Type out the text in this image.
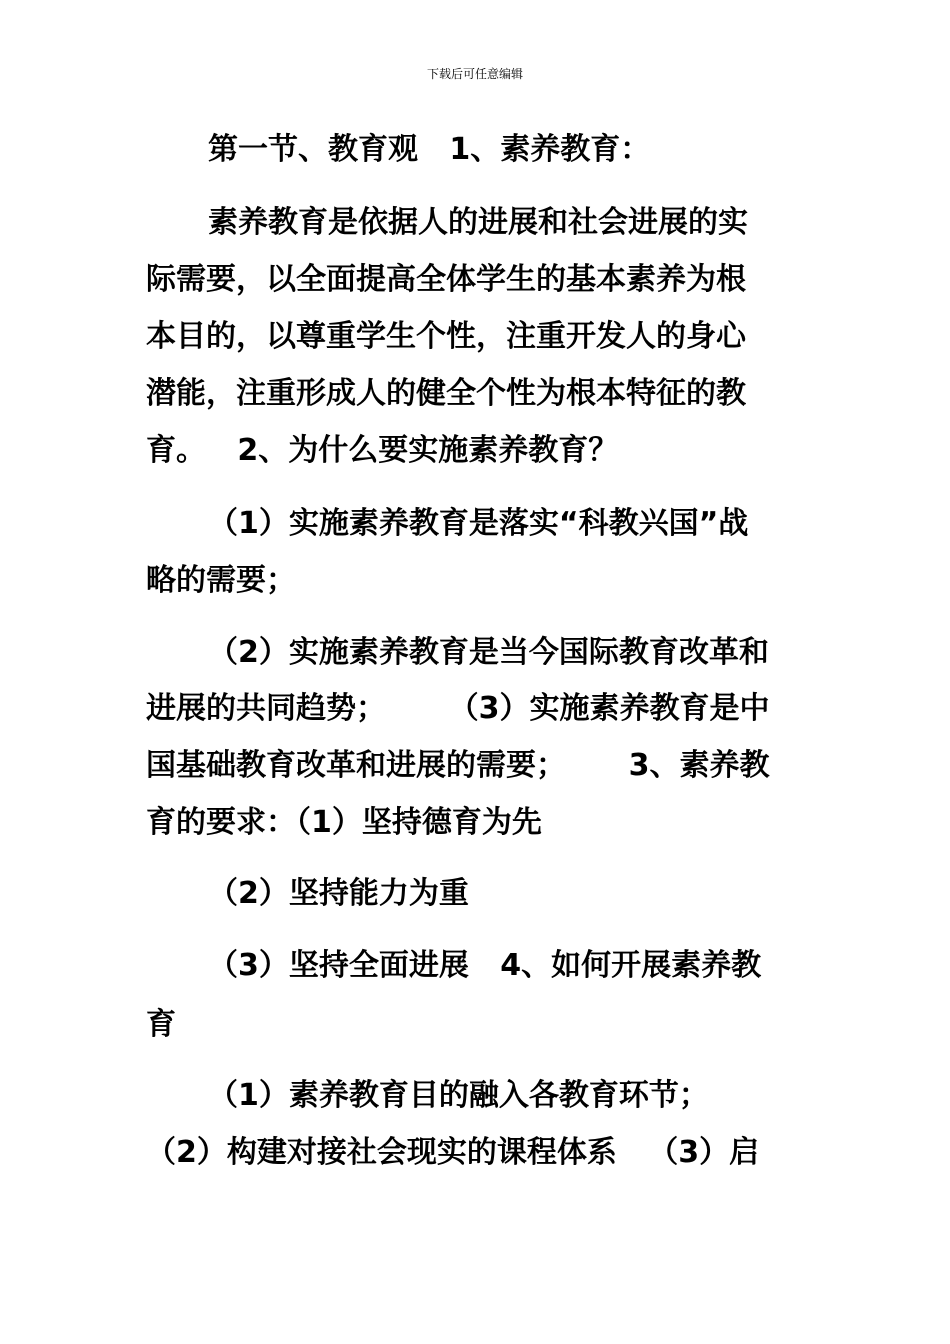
下载后可任意编辑
第一节、教育观   1、素养教育：
素养教育是依据人的进展和社会进展的实
际需要，以全面提高全体学生的基本素养为根
本目的，以尊重学生个性，注重开发人的身心
潜能，注重形成人的健全个性为根本特征的教
育。   2、为什么要实施素养教育？
（1）实施素养教育是落实“科教兴国”战
略的需要；
（2）实施素养教育是当今国际教育改革和
进展的共同趋势；      （3）实施素养教育是中
国基础教育改革和进展的需要；      3、素养教
育的要求：（1）坚持德育为先
（2）坚持能力为重
（3）坚持全面进展   4、如何开展素养教
育
（1）素养教育目的融入各教育环节；
（2）构建对接社会现实的课程体系   （3）启
